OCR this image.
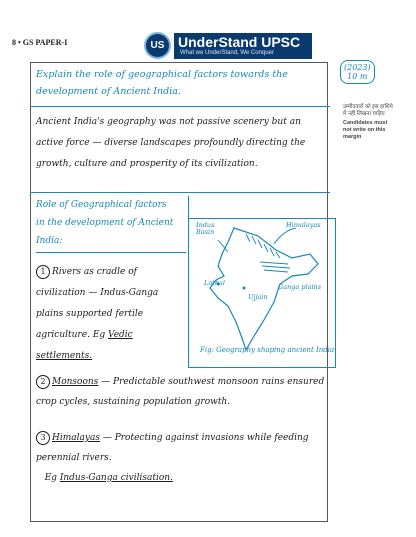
8 • GS PAPER-I	US UnderStand UPSC
What we UnderStand, We Conquer
उम्मीदवारों को इस हाशिये में नहीं लिखना चाहिए
Candidates must not write on this margin
Explain the role of geographical factors towards the development of Ancient India.
(2023)
10 m
Ancient India's geography was not passive scenery but an active force — diverse landscapes profoundly directing the growth, culture and prosperity of its civilization.
Role of Geographical factors in the development of Ancient India:
Indus Basin
Himalayas
Lothal	Ganga plains
Ujjain
Fig: Geography shaping ancient India
1 Rivers as cradle of civilization — Indus-Ganga plains supported fertile agriculture. Eg Vedic settlements.
2 Monsoons — Predictable southwest monsoon rains ensured crop cycles, sustaining population growth.
3 Himalayas — Protecting against invasions while feeding perennial rivers.
Eg Indus-Ganga civilisation.
